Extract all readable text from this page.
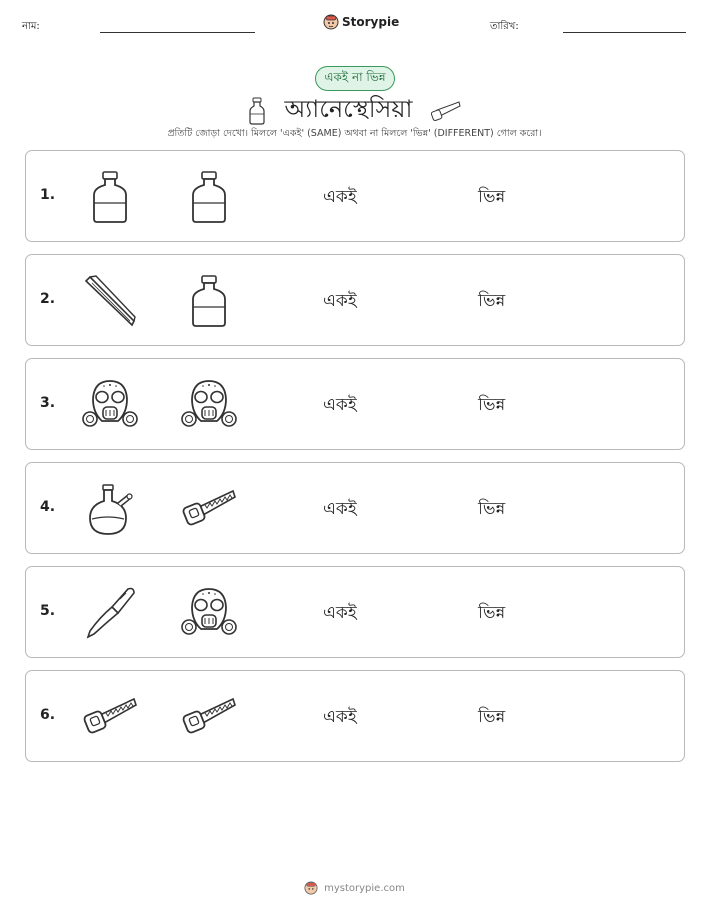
নাম:	Storypie	তারিখ:
একই না ভিন্ন
অ্যানেস্থেসিয়া
প্রতিটি জোড়া দেখো। মিললে 'একই' (SAME) অথবা না মিললে 'ভিন্ন' (DIFFERENT) গোল করো।
1.	একই	ভিন্ন
2.	একই	ভিন্ন
3.	একই	ভিন্ন
4.	একই	ভিন্ন
5.	একই	ভিন্ন
6.	একই	ভিন্ন
mystorypie.com
